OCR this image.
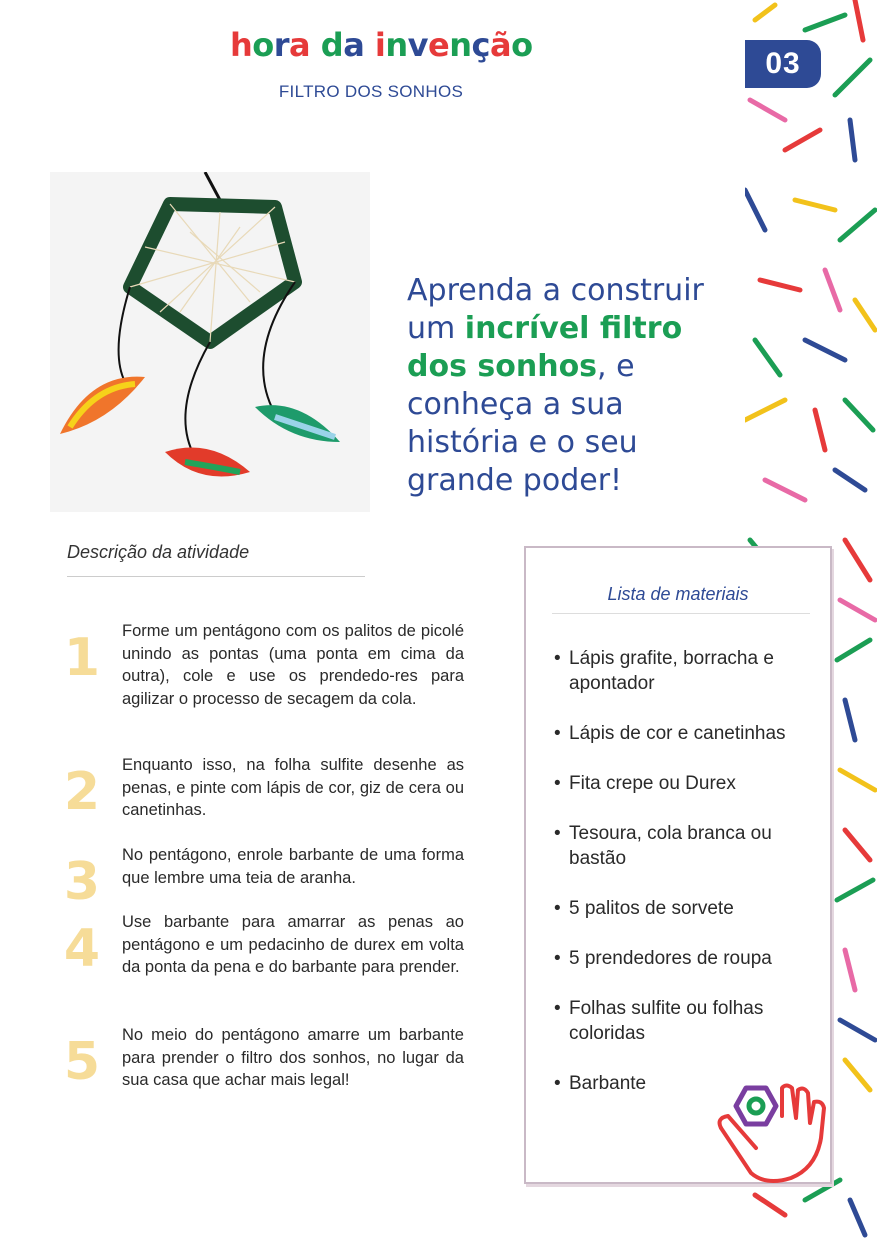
03
hora da invenção
FILTRO DOS SONHOS
Aprenda a construir um incrível filtro dos sonhos, e conheça a sua história e o seu grande poder!
Descrição da atividade
1 Forme um pentágono com os palitos de picolé unindo as pontas (uma ponta em cima da outra), cole e use os prendedo-res para agilizar o processo de secagem da cola.
2 Enquanto isso, na folha sulfite desenhe as penas, e pinte com lápis de cor, giz de cera ou canetinhas.
3 No pentágono, enrole barbante de uma forma que lembre uma teia de aranha.
4 Use barbante para amarrar as penas ao pentágono e um pedacinho de durex em volta da ponta da pena e do barbante para prender.
5 No meio do pentágono amarre um barbante para prender o filtro dos sonhos, no lugar da sua casa que achar mais legal!
Lista de materiais
• Lápis grafite, borracha e apontador
• Lápis de cor e canetinhas
• Fita crepe ou Durex
• Tesoura, cola branca ou bastão
• 5 palitos de sorvete
• 5 prendedores de roupa
• Folhas sulfite ou folhas coloridas
• Barbante
